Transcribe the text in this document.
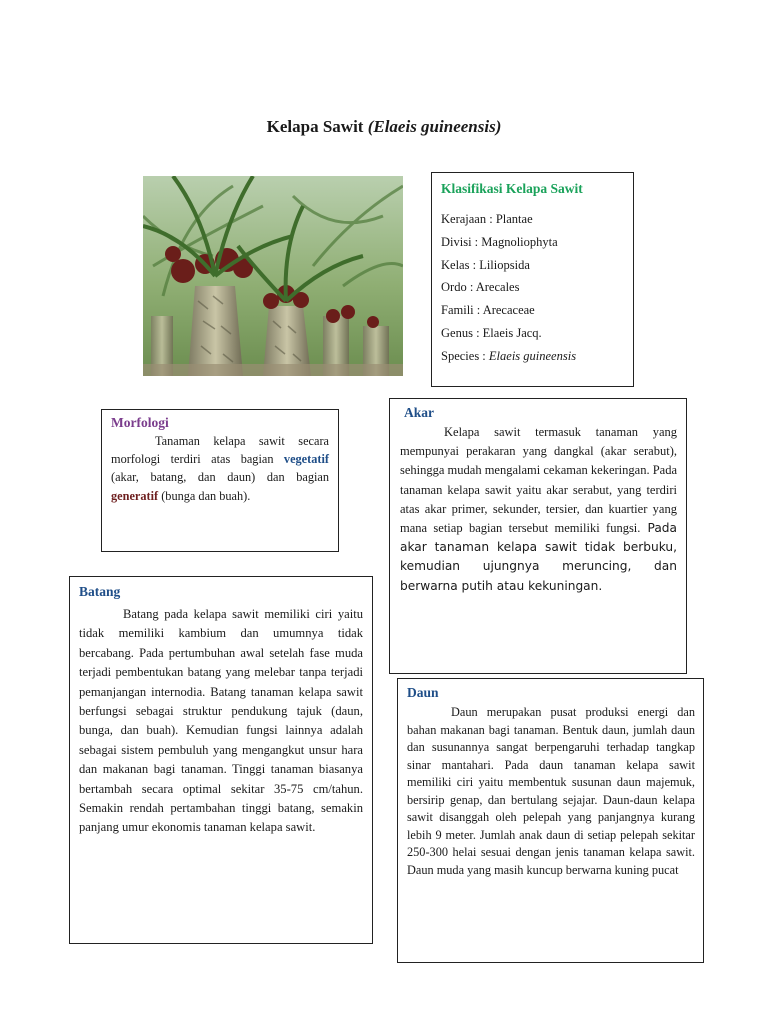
Kelapa Sawit (Elaeis guineensis)
Klasifikasi Kelapa Sawit
Kerajaan : Plantae
Divisi : Magnoliophyta
Kelas : Liliopsida
Ordo : Arecales
Famili : Arecaceae
Genus : Elaeis Jacq.
Species : Elaeis guineensis
Morfologi

Tanaman kelapa sawit secara morfologi terdiri atas bagian vegetatif (akar, batang, dan daun) dan bagian generatif (bunga dan buah).

Akar

Kelapa sawit termasuk tanaman yang mempunyai perakaran yang dangkal (akar serabut), sehingga mudah mengalami cekaman kekeringan. Pada tanaman kelapa sawit yaitu akar serabut, yang terdiri atas akar primer, sekunder, tersier, dan kuartier yang mana setiap bagian tersebut memiliki fungsi. Pada akar tanaman kelapa sawit tidak berbuku, kemudian ujungnya meruncing, dan berwarna putih atau kekuningan.

Batang

Batang pada kelapa sawit memiliki ciri yaitu tidak memiliki kambium dan umumnya tidak bercabang. Pada pertumbuhan awal setelah fase muda terjadi pembentukan batang yang melebar tanpa terjadi pemanjangan internodia. Batang tanaman kelapa sawit berfungsi sebagai struktur pendukung tajuk (daun, bunga, dan buah). Kemudian fungsi lainnya adalah sebagai sistem pembuluh yang mengangkut unsur hara dan makanan bagi tanaman. Tinggi tanaman biasanya bertambah secara optimal sekitar 35-75 cm/tahun. Semakin rendah pertambahan tinggi batang, semakin panjang umur ekonomis tanaman kelapa sawit.

Daun

Daun merupakan pusat produksi energi dan bahan makanan bagi tanaman. Bentuk daun, jumlah daun dan susunannya sangat berpengaruhi terhadap tangkap sinar mantahari. Pada daun tanaman kelapa sawit memiliki ciri yaitu membentuk susunan daun majemuk, bersirip genap, dan bertulang sejajar. Daun-daun kelapa sawit disanggah oleh pelepah yang panjangnya kurang lebih 9 meter. Jumlah anak daun di setiap pelepah sekitar 250-300 helai sesuai dengan jenis tanaman kelapa sawit. Daun muda yang masih kuncup berwarna kuning pucat
